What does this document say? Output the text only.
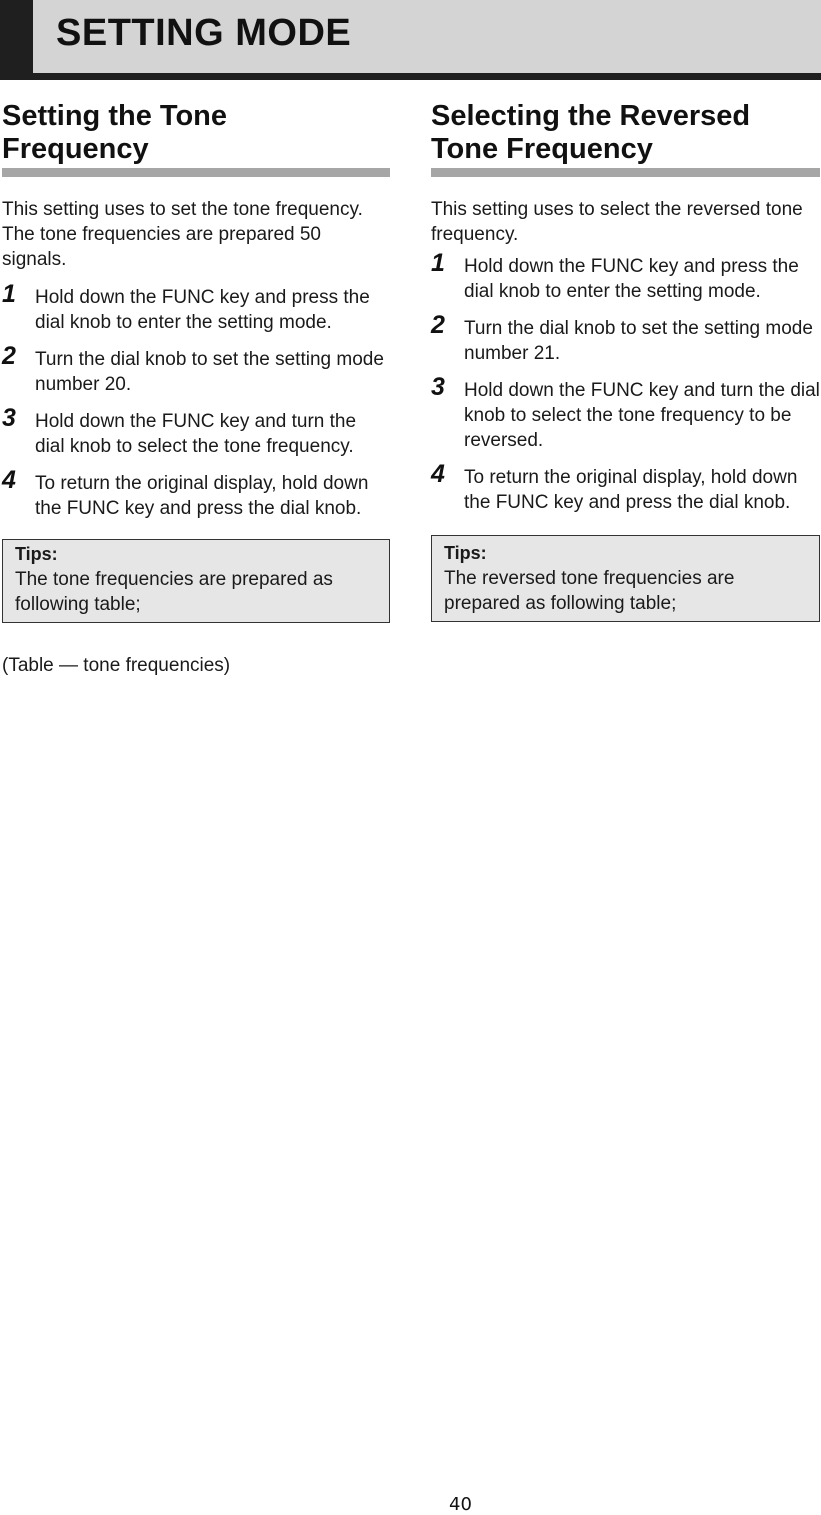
SETTING MODE
Setting the Tone
Frequency

This setting uses to set the tone frequency. The tone frequencies are prepared 50 signals.

1 Hold down the FUNC key and press the dial knob to enter the setting mode.
2 Turn the dial knob to set the setting mode number 20.
3 Hold down the FUNC key and turn the dial knob to select the tone frequency.
4 To return the original display, hold down the FUNC key and press the dial knob.
Tips:
The tone frequencies are prepared as following table;
(Table — tone frequencies)
Selecting the Reversed
Tone Frequency

This setting uses to select the reversed tone frequency.

1 Hold down the FUNC key and press the dial knob to enter the setting mode.
2 Turn the dial knob to set the setting mode number 21.
3 Hold down the FUNC key and turn the dial knob to select the tone frequency to be reversed.
4 To return the original display, hold down the FUNC key and press the dial knob.
Tips:
The reversed tone frequencies are prepared as following table;
40
